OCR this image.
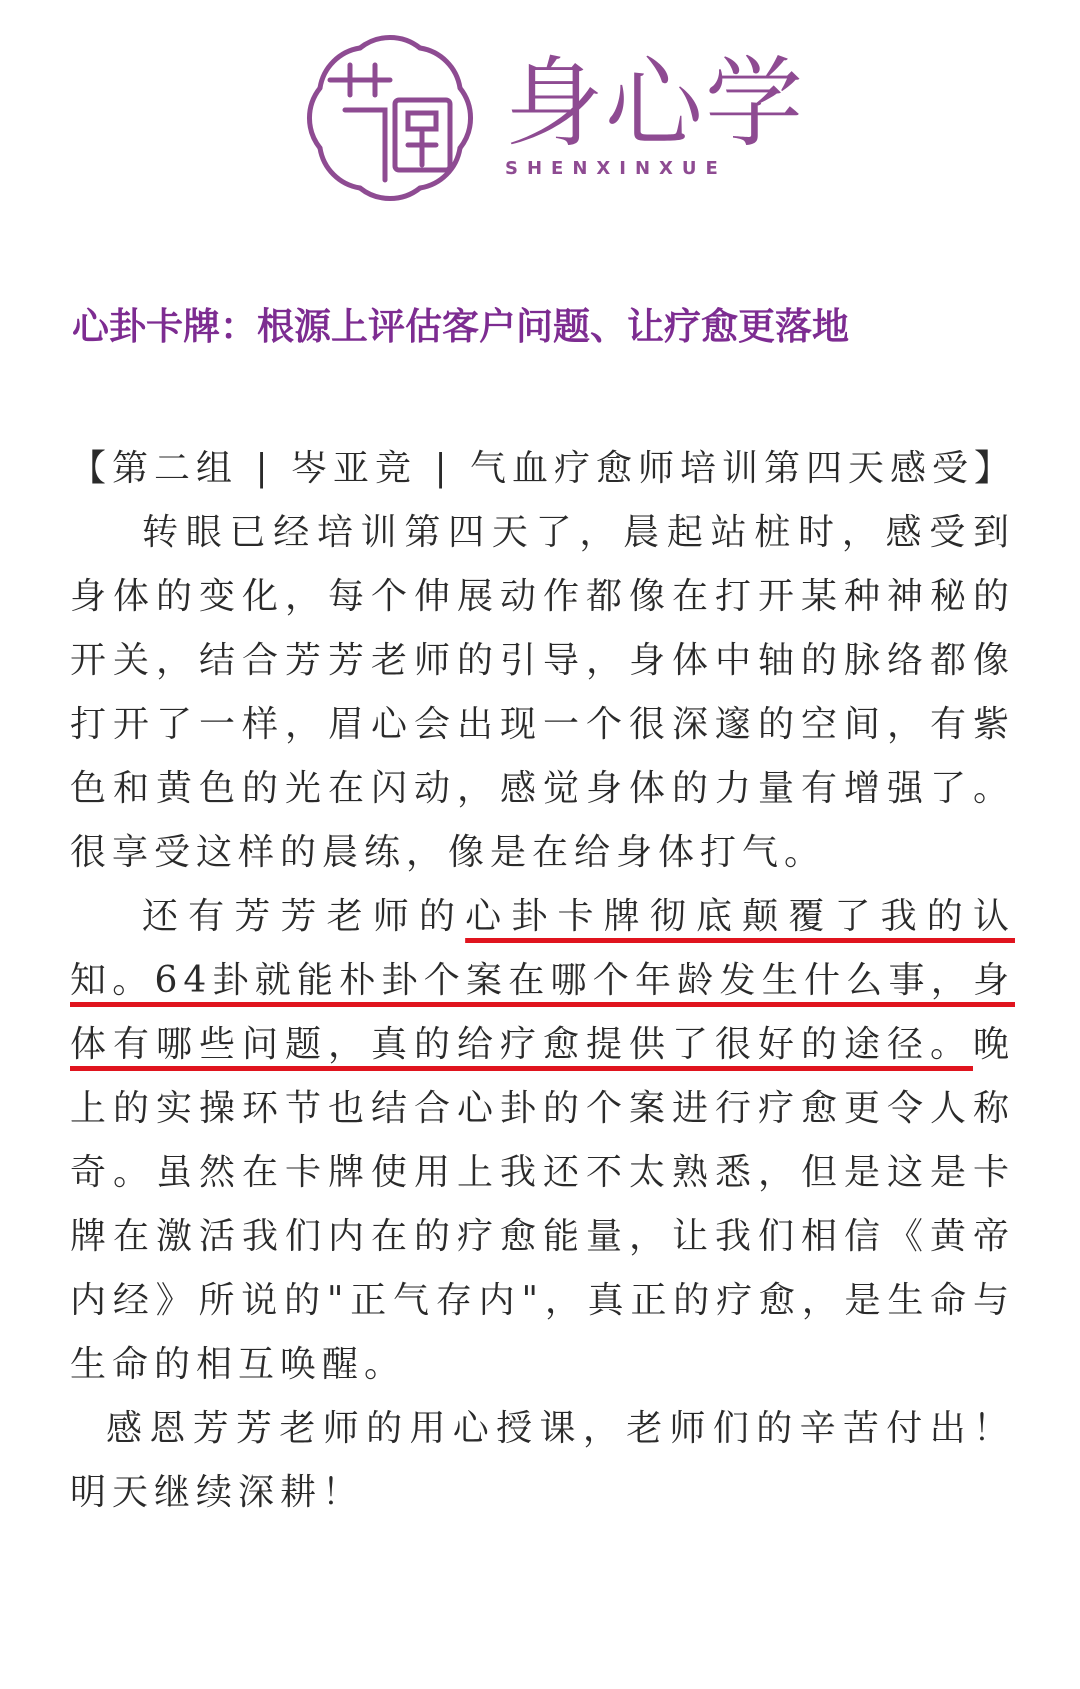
身心学
SHENXINXUE
心卦卡牌：根源上评估客户问题、让疗愈更落地

【第二组 | 岑亚竞 | 气血疗愈师培训第四天感受】

转眼已经培训第四天了，晨起站桩时，感受到身体的变化，每个伸展动作都像在打开某种神秘的开关，结合芳芳老师的引导，身体中轴的脉络都像打开了一样，眉心会出现一个很深邃的空间，有紫色和黄色的光在闪动，感觉身体的力量有增强了。很享受这样的晨练，像是在给身体打气。

还有芳芳老师的心卦卡牌彻底颠覆了我的认知。64卦就能朴卦个案在哪个年龄发生什么事，身体有哪些问题，真的给疗愈提供了很好的途径。晚上的实操环节也结合心卦的个案进行疗愈更令人称奇。虽然在卡牌使用上我还不太熟悉，但是这是卡牌在激活我们内在的疗愈能量，让我们相信《黄帝内经》所说的"正气存内"，真正的疗愈，是生命与生命的相互唤醒。

感恩芳芳老师的用心授课，老师们的辛苦付出！明天继续深耕！
